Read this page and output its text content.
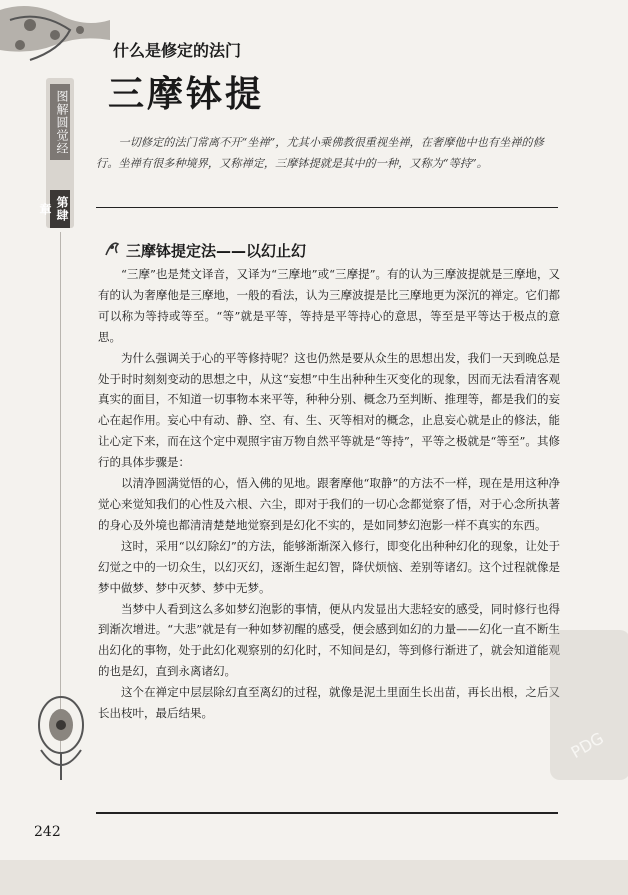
图解圆觉经
第肆章
什么是修定的法门
三摩钵提
一切修定的法门常离不开“坐禅”，尤其小乘佛教很重视坐禅，在奢摩他中也有坐禅的修行。坐禅有很多种境界，又称禅定，三摩钵提就是其中的一种，又称为“等持”。
三摩钵提定法——以幻止幻

“三摩”也是梵文译音，又译为“三摩地”或“三摩提”。有的认为三摩波提就是三摩地，又有的认为奢摩他是三摩地，一般的看法，认为三摩波提是比三摩地更为深沉的禅定。它们都可以称为等持或等至。“等”就是平等，等持是平等持心的意思，等至是平等达于极点的意思。

为什么强调关于心的平等修持呢？这也仍然是要从众生的思想出发，我们一天到晚总是处于时时刻刻变动的思想之中，从这“妄想”中生出种种生灭变化的现象，因而无法看清客观真实的面目，不知道一切事物本来平等，种种分别、概念乃至判断、推理等，都是我们的妄心在起作用。妄心中有动、静、空、有、生、灭等相对的概念，止息妄心就是止的修法，能让心定下来，而在这个定中观照宇宙万物自然平等就是“等持”，平等之极就是“等至”。其修行的具体步骤是：

以清净圆满觉悟的心，悟入佛的见地。跟奢摩他“取静”的方法不一样，现在是用这种净觉心来觉知我们的心性及六根、六尘，即对于我们的一切心念都觉察了悟，对于心念所执著的身心及外境也都清清楚楚地觉察到是幻化不实的，是如同梦幻泡影一样不真实的东西。

这时，采用“以幻除幻”的方法，能够渐渐深入修行，即变化出种种幻化的现象，让处于幻觉之中的一切众生，以幻灭幻，逐渐生起幻智，降伏烦恼、差别等诸幻。这个过程就像是梦中做梦、梦中灭梦、梦中无梦。

当梦中人看到这么多如梦幻泡影的事情，便从内发显出大悲轻安的感受，同时修行也得到渐次增进。“大悲”就是有一种如梦初醒的感受，便会感到如幻的力量——幻化一直不断生出幻化的事物，处于此幻化观察别的幻化时，不知间是幻，等到修行渐进了，就会知道能观的也是幻，直到永离诸幻。

这个在禅定中层层除幻直至离幻的过程，就像是泥土里面生长出苗，再长出根，之后又长出枝叶，最后结果。

PDG
242
